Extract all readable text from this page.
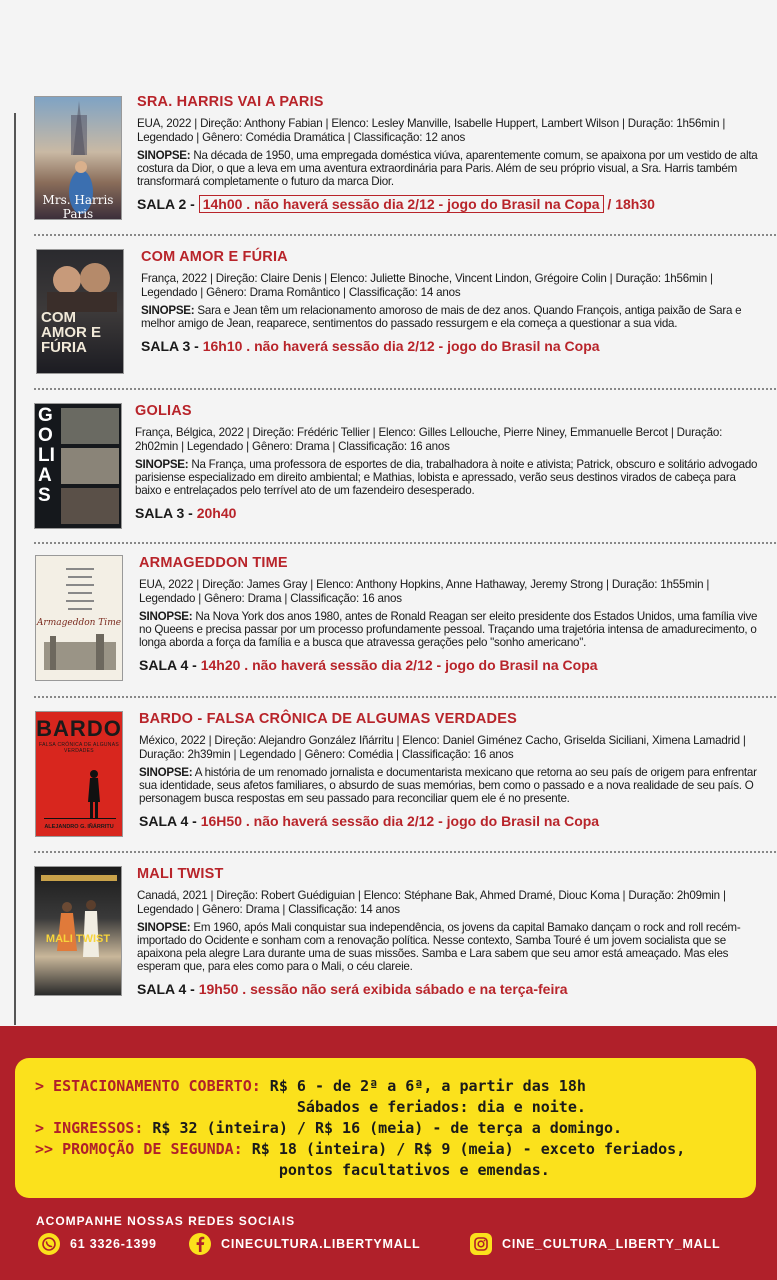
Mrs. Harris Paris
SRA. HARRIS VAI A PARIS
EUA, 2022 | Direção: Anthony Fabian | Elenco: Lesley Manville, Isabelle Huppert, Lambert Wilson | Duração: 1h56min | Legendado | Gênero: Comédia Dramática | Classificação: 12 anos
SINOPSE: Na década de 1950, uma empregada doméstica viúva, aparentemente comum, se apaixona por um vestido de alta costura da Dior, o que a leva em uma aventura extraordinária para Paris. Além de seu próprio visual, a Sra. Harris também transformará completamente o futuro da marca Dior.
SALA 2 - 14h00 . não haverá sessão dia 2/12 - jogo do Brasil na Copa / 18h30
COM AMOR E FÚRIA
COM AMOR E FÚRIA
França, 2022 | Direção: Claire Denis | Elenco: Juliette Binoche, Vincent Lindon, Grégoire Colin | Duração: 1h56min | Legendado | Gênero: Drama Romântico | Classificação: 14 anos
SINOPSE: Sara e Jean têm um relacionamento amoroso de mais de dez anos. Quando François, antiga paixão de Sara e melhor amigo de Jean, reaparece, sentimentos do passado ressurgem e ela começa a questionar a sua vida.
SALA 3 - 16h10 . não haverá sessão dia 2/12 - jogo do Brasil na Copa
GOLIAS
GOLIAS
França, Bélgica, 2022 | Direção: Frédéric Tellier | Elenco: Gilles Lellouche, Pierre Niney, Emmanuelle Bercot | Duração: 2h02min | Legendado | Gênero: Drama | Classificação: 16 anos
SINOPSE: Na França, uma professora de esportes de dia, trabalhadora à noite e ativista; Patrick, obscuro e solitário advogado parisiense especializado em direito ambiental; e Mathias, lobista e apressado, verão seus destinos virados de cabeça para baixo e entrelaçados pelo terrível ato de um fazendeiro desesperado.
SALA 3 - 20h40
Armageddon Time
ARMAGEDDON TIME
EUA, 2022 | Direção: James Gray | Elenco: Anthony Hopkins, Anne Hathaway, Jeremy Strong | Duração: 1h55min | Legendado | Gênero: Drama | Classificação: 16 anos
SINOPSE: Na Nova York dos anos 1980, antes de Ronald Reagan ser eleito presidente dos Estados Unidos, uma família vive no Queens e precisa passar por um processo profundamente pessoal. Traçando uma trajetória intensa de amadurecimento, o longa aborda a força da família e a busca que atravessa gerações pelo "sonho americano".
SALA 4 - 14h20 . não haverá sessão dia 2/12 - jogo do Brasil na Copa
BARDO
FALSA CRÓNICA DE ALGUNAS VERDADES
ALEJANDRO G. IÑÁRRITU
BARDO - FALSA CRÔNICA DE ALGUMAS VERDADES
México, 2022 | Direção: Alejandro González Iñárritu | Elenco: Daniel Giménez Cacho, Griselda Siciliani, Ximena Lamadrid | Duração: 2h39min | Legendado | Gênero: Comédia | Classificação: 16 anos
SINOPSE: A história de um renomado jornalista e documentarista mexicano que retorna ao seu país de origem para enfrentar sua identidade, seus afetos familiares, o absurdo de suas memórias, bem como o passado e a nova realidade de seu país. O personagem busca respostas em seu passado para reconciliar quem ele é no presente.
SALA 4 - 16H50 . não haverá sessão dia 2/12 - jogo do Brasil na Copa
MALI TWIST
MALI TWIST
Canadá, 2021 | Direção: Robert Guédiguian | Elenco: Stéphane Bak, Ahmed Dramé, Diouc Koma | Duração: 2h09min | Legendado | Gênero: Drama | Classificação: 14 anos
SINOPSE: Em 1960, após Mali conquistar sua independência, os jovens da capital Bamako dançam o rock and roll recém-importado do Ocidente e sonham com a renovação política. Nesse contexto, Samba Touré é um jovem socialista que se apaixona pela alegre Lara durante uma de suas missões. Samba e Lara sabem que seu amor está ameaçado. Mas eles esperam que, para eles como para o Mali, o céu clareie.
SALA 4 - 19h50 . sessão não será exibida sábado e na terça-feira
> ESTACIONAMENTO COBERTO: R$ 6 - de 2ª a 6ª, a partir das 18h
Sábados e feriados: dia e noite.
> INGRESSOS: R$ 32 (inteira) / R$ 16 (meia) - de terça a domingo.
>> PROMOÇÃO DE SEGUNDA: R$ 18 (inteira) / R$ 9 (meia) - exceto feriados,
pontos facultativos e emendas.
ACOMPANHE NOSSAS REDES SOCIAIS
61 3326-1399	CINECULTURA.LIBERTYMALL	CINE_CULTURA_LIBERTY_MALL
